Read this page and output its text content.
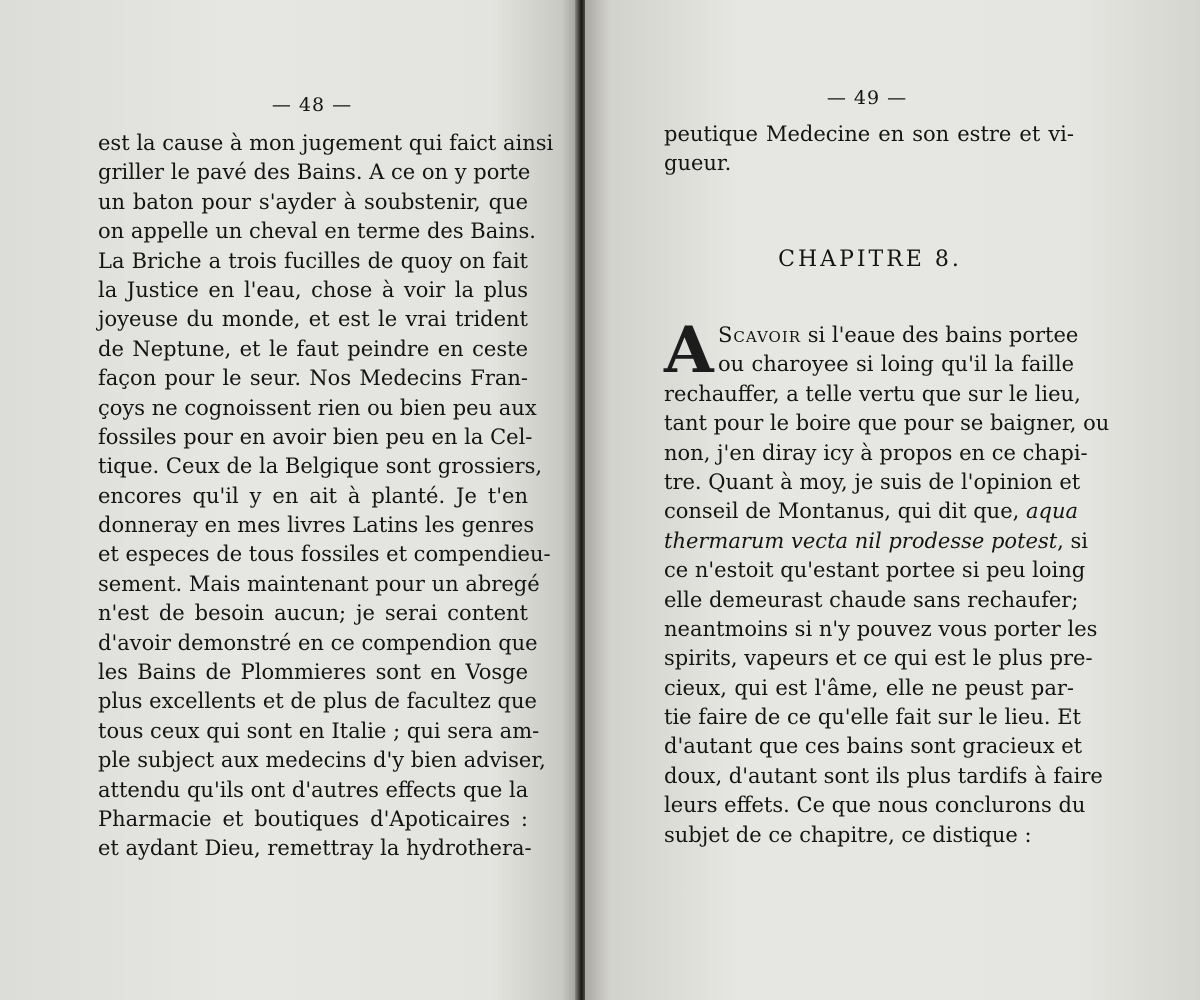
— 48 —
est la cause à mon jugement qui faict ainsi
griller le pavé des Bains. A ce on y porte
un baton pour s'ayder à soubstenir, que
on appelle un cheval en terme des Bains.
La Briche a trois fucilles de quoy on fait
la Justice en l'eau, chose à voir la plus
joyeuse du monde, et est le vrai trident
de Neptune, et le faut peindre en ceste
façon pour le seur. Nos Medecins Fran-
çoys ne cognoissent rien ou bien peu aux
fossiles pour en avoir bien peu en la Cel-
tique. Ceux de la Belgique sont grossiers,
encores qu'il y en ait à planté. Je t'en
donneray en mes livres Latins les genres
et especes de tous fossiles et compendieu-
sement. Mais maintenant pour un abregé
n'est de besoin aucun; je serai content
d'avoir demonstré en ce compendion que
les Bains de Plommieres sont en Vosge
plus excellents et de plus de facultez que
tous ceux qui sont en Italie ; qui sera am-
ple subject aux medecins d'y bien adviser,
attendu qu'ils ont d'autres effects que la
Pharmacie et boutiques d'Apoticaires :
et aydant Dieu, remettray la hydrothera-
— 49 —
peutique Medecine en son estre et vi-
gueur.
CHAPITRE 8.
A Scavoir si l'eaue des bains portee
ou charoyee si loing qu'il la faille
rechauffer, a telle vertu que sur le lieu,
tant pour le boire que pour se baigner, ou
non, j'en diray icy à propos en ce chapi-
tre. Quant à moy, je suis de l'opinion et
conseil de Montanus, qui dit que, aqua
thermarum vecta nil prodesse potest, si
ce n'estoit qu'estant portee si peu loing
elle demeurast chaude sans rechaufer;
neantmoins si n'y pouvez vous porter les
spirits, vapeurs et ce qui est le plus pre-
cieux, qui est l'âme, elle ne peust par-
tie faire de ce qu'elle fait sur le lieu. Et
d'autant que ces bains sont gracieux et
doux, d'autant sont ils plus tardifs à faire
leurs effets. Ce que nous conclurons du
subjet de ce chapitre, ce distique :
